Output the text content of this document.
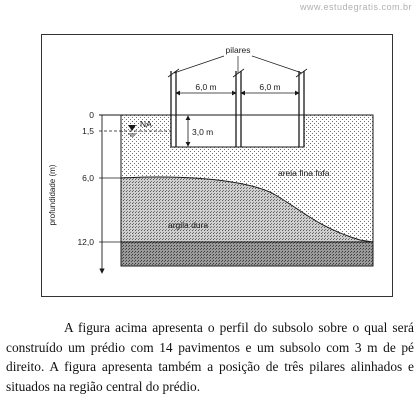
www.estudegratis.com.br
NA
pilares
6,0 m	6,0 m
3,0 m
profundidade (m)
0
1,5
6,0
12,0
areia fina fofa
argila dura

A figura acima apresenta o perfil do subsolo sobre o qual será construído um prédio com 14 pavimentos e um subsolo com 3 m de pé direito. A figura apresenta também a posição de três pilares alinhados e situados na região central do prédio.
